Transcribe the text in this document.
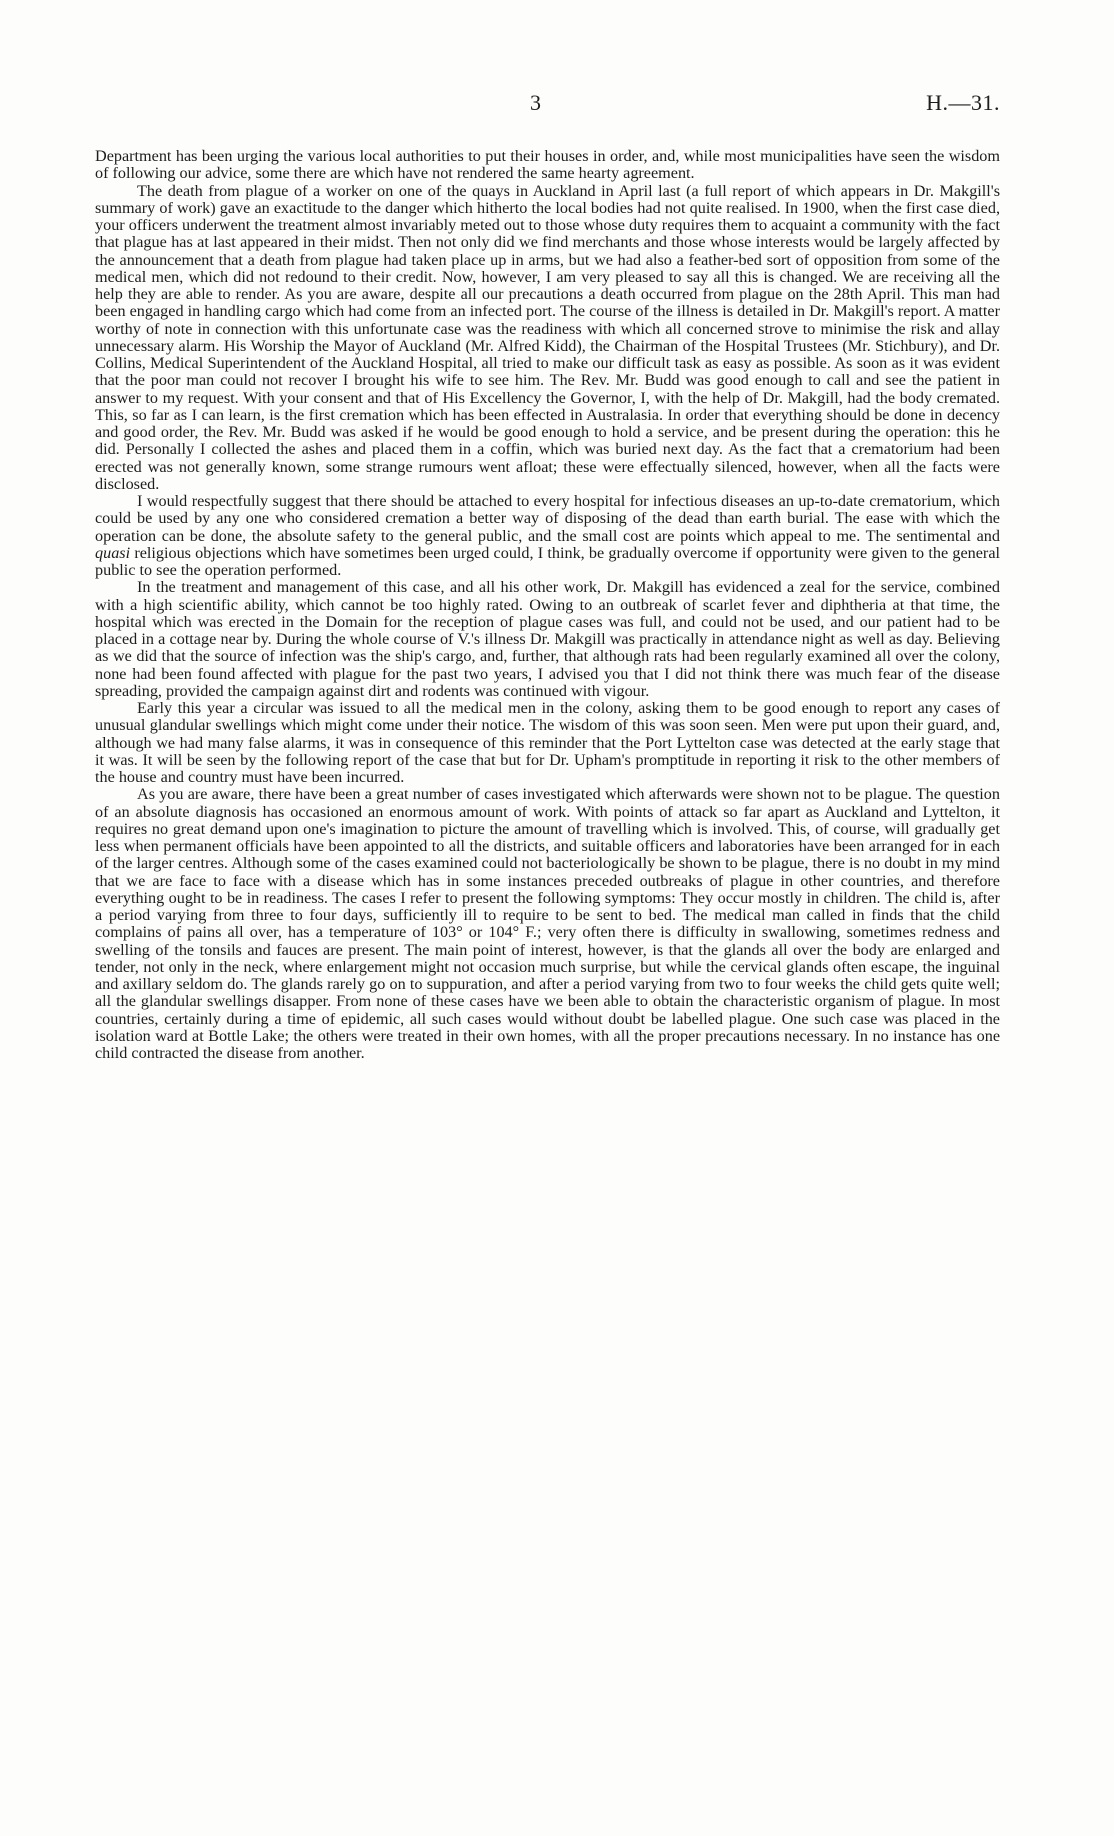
3	H.—31.

Department has been urging the various local authorities to put their houses in order, and, while most municipalities have seen the wisdom of following our advice, some there are which have not rendered the same hearty agreement.

The death from plague of a worker on one of the quays in Auckland in April last (a full report of which appears in Dr. Makgill's summary of work) gave an exactitude to the danger which hitherto the local bodies had not quite realised. In 1900, when the first case died, your officers underwent the treatment almost invariably meted out to those whose duty requires them to acquaint a community with the fact that plague has at last appeared in their midst. Then not only did we find merchants and those whose interests would be largely affected by the announcement that a death from plague had taken place up in arms, but we had also a feather-bed sort of opposition from some of the medical men, which did not redound to their credit. Now, however, I am very pleased to say all this is changed. We are receiving all the help they are able to render. As you are aware, despite all our precautions a death occurred from plague on the 28th April. This man had been engaged in handling cargo which had come from an infected port. The course of the illness is detailed in Dr. Makgill's report. A matter worthy of note in connection with this unfortunate case was the readiness with which all concerned strove to minimise the risk and allay unnecessary alarm. His Worship the Mayor of Auckland (Mr. Alfred Kidd), the Chairman of the Hospital Trustees (Mr. Stichbury), and Dr. Collins, Medical Superintendent of the Auckland Hospital, all tried to make our difficult task as easy as possible. As soon as it was evident that the poor man could not recover I brought his wife to see him. The Rev. Mr. Budd was good enough to call and see the patient in answer to my request. With your consent and that of His Excellency the Governor, I, with the help of Dr. Makgill, had the body cremated. This, so far as I can learn, is the first cremation which has been effected in Australasia. In order that everything should be done in decency and good order, the Rev. Mr. Budd was asked if he would be good enough to hold a service, and be present during the operation: this he did. Personally I collected the ashes and placed them in a coffin, which was buried next day. As the fact that a crematorium had been erected was not generally known, some strange rumours went afloat; these were effectually silenced, however, when all the facts were disclosed.

I would respectfully suggest that there should be attached to every hospital for infectious diseases an up-to-date crematorium, which could be used by any one who considered cremation a better way of disposing of the dead than earth burial. The ease with which the operation can be done, the absolute safety to the general public, and the small cost are points which appeal to me. The sentimental and quasi religious objections which have sometimes been urged could, I think, be gradually overcome if opportunity were given to the general public to see the operation performed.

In the treatment and management of this case, and all his other work, Dr. Makgill has evidenced a zeal for the service, combined with a high scientific ability, which cannot be too highly rated. Owing to an outbreak of scarlet fever and diphtheria at that time, the hospital which was erected in the Domain for the reception of plague cases was full, and could not be used, and our patient had to be placed in a cottage near by. During the whole course of V.'s illness Dr. Makgill was practically in attendance night as well as day. Believing as we did that the source of infection was the ship's cargo, and, further, that although rats had been regularly examined all over the colony, none had been found affected with plague for the past two years, I advised you that I did not think there was much fear of the disease spreading, provided the campaign against dirt and rodents was continued with vigour.

Early this year a circular was issued to all the medical men in the colony, asking them to be good enough to report any cases of unusual glandular swellings which might come under their notice. The wisdom of this was soon seen. Men were put upon their guard, and, although we had many false alarms, it was in consequence of this reminder that the Port Lyttelton case was detected at the early stage that it was. It will be seen by the following report of the case that but for Dr. Upham's promptitude in reporting it risk to the other members of the house and country must have been incurred.

As you are aware, there have been a great number of cases investigated which afterwards were shown not to be plague. The question of an absolute diagnosis has occasioned an enormous amount of work. With points of attack so far apart as Auckland and Lyttelton, it requires no great demand upon one's imagination to picture the amount of travelling which is involved. This, of course, will gradually get less when permanent officials have been appointed to all the districts, and suitable officers and laboratories have been arranged for in each of the larger centres. Although some of the cases examined could not bacteriologically be shown to be plague, there is no doubt in my mind that we are face to face with a disease which has in some instances preceded outbreaks of plague in other countries, and therefore everything ought to be in readiness. The cases I refer to present the following symptoms: They occur mostly in children. The child is, after a period varying from three to four days, sufficiently ill to require to be sent to bed. The medical man called in finds that the child complains of pains all over, has a temperature of 103° or 104° F.; very often there is difficulty in swallowing, sometimes redness and swelling of the tonsils and fauces are present. The main point of interest, however, is that the glands all over the body are enlarged and tender, not only in the neck, where enlargement might not occasion much surprise, but while the cervical glands often escape, the inguinal and axillary seldom do. The glands rarely go on to suppuration, and after a period varying from two to four weeks the child gets quite well; all the glandular swellings disapper. From none of these cases have we been able to obtain the characteristic organism of plague. In most countries, certainly during a time of epidemic, all such cases would without doubt be labelled plague. One such case was placed in the isolation ward at Bottle Lake; the others were treated in their own homes, with all the proper precautions necessary. In no instance has one child contracted the disease from another.
